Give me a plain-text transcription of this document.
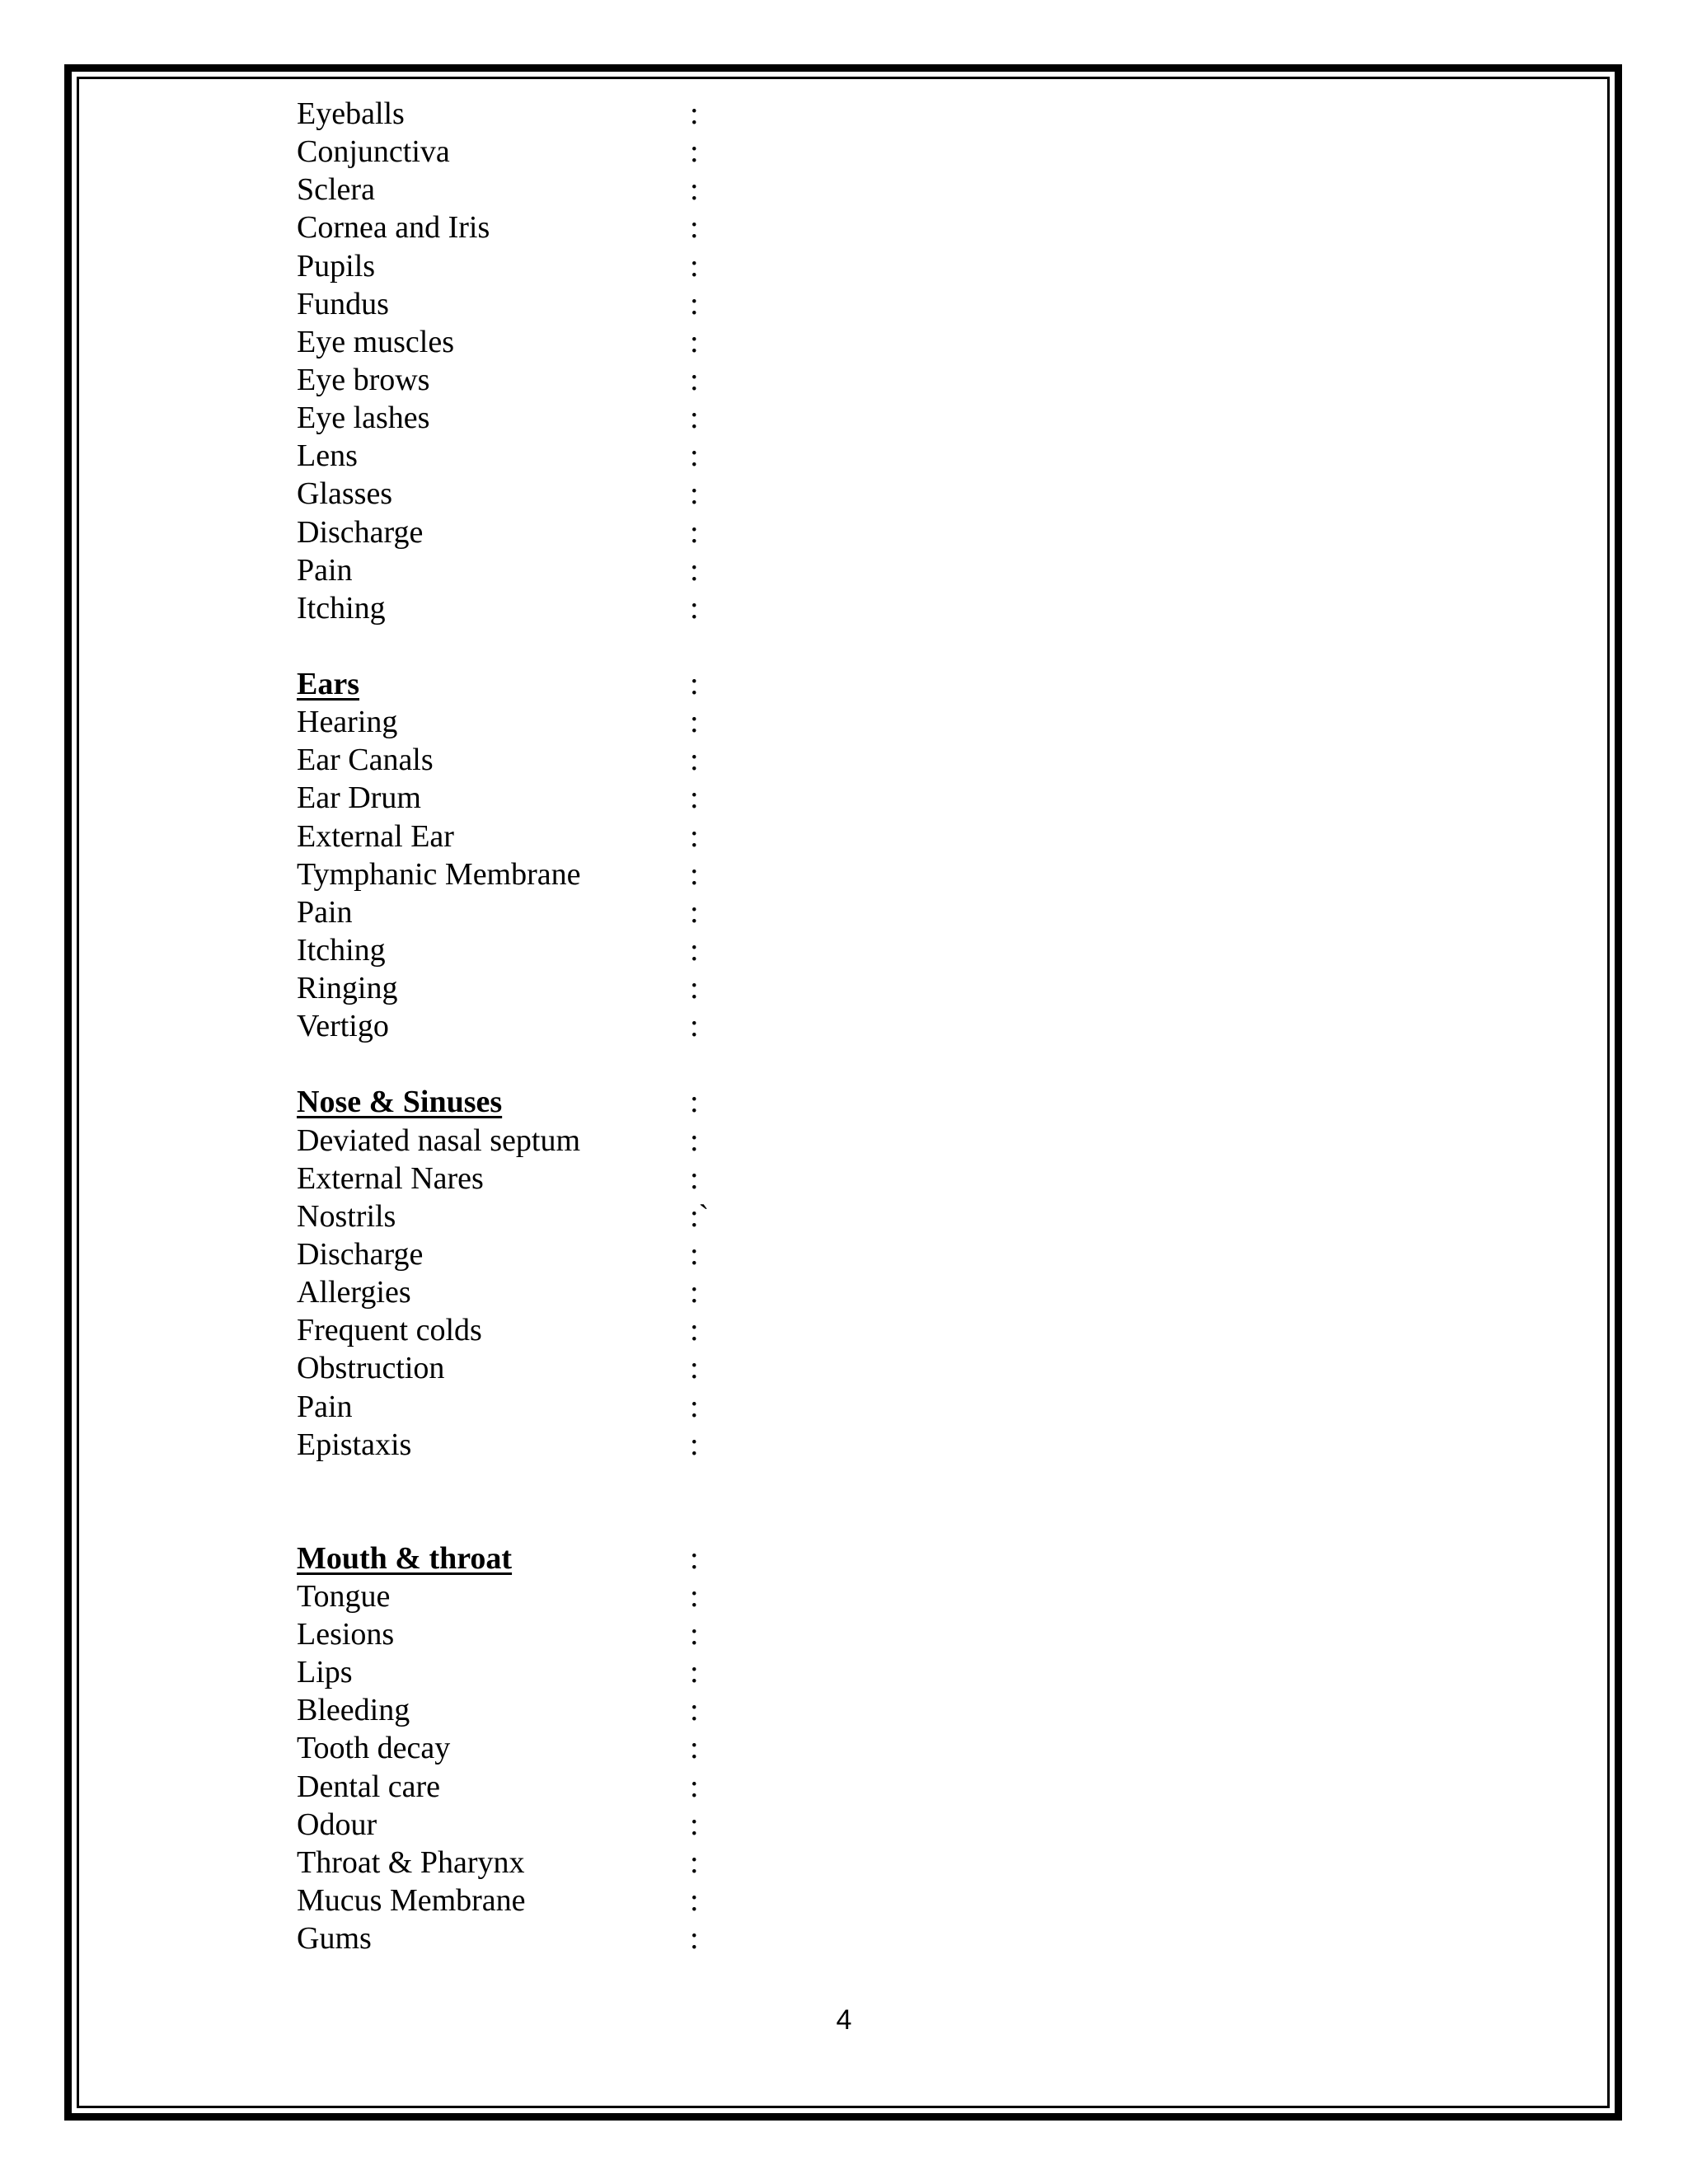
Eyeballs	:
Conjunctiva	:
Sclera	:
Cornea and Iris	:
Pupils	:
Fundus	:
Eye muscles	:
Eye brows	:
Eye lashes	:
Lens	:
Glasses	:
Discharge	:
Pain	:
Itching	:
Ears	:
Hearing	:
Ear Canals	:
Ear Drum	:
External Ear	:
Tymphanic Membrane	:
Pain	:
Itching	:
Ringing	:
Vertigo	:
Nose & Sinuses	:
Deviated nasal septum	:
External Nares	:
Nostrils	:`
Discharge	:
Allergies	:
Frequent colds	:
Obstruction	:
Pain	:
Epistaxis	:
Mouth & throat	:
Tongue	:
Lesions	:
Lips	:
Bleeding	:
Tooth decay	:
Dental care	:
Odour	:
Throat & Pharynx	:
Mucus Membrane	:
Gums	:
4
